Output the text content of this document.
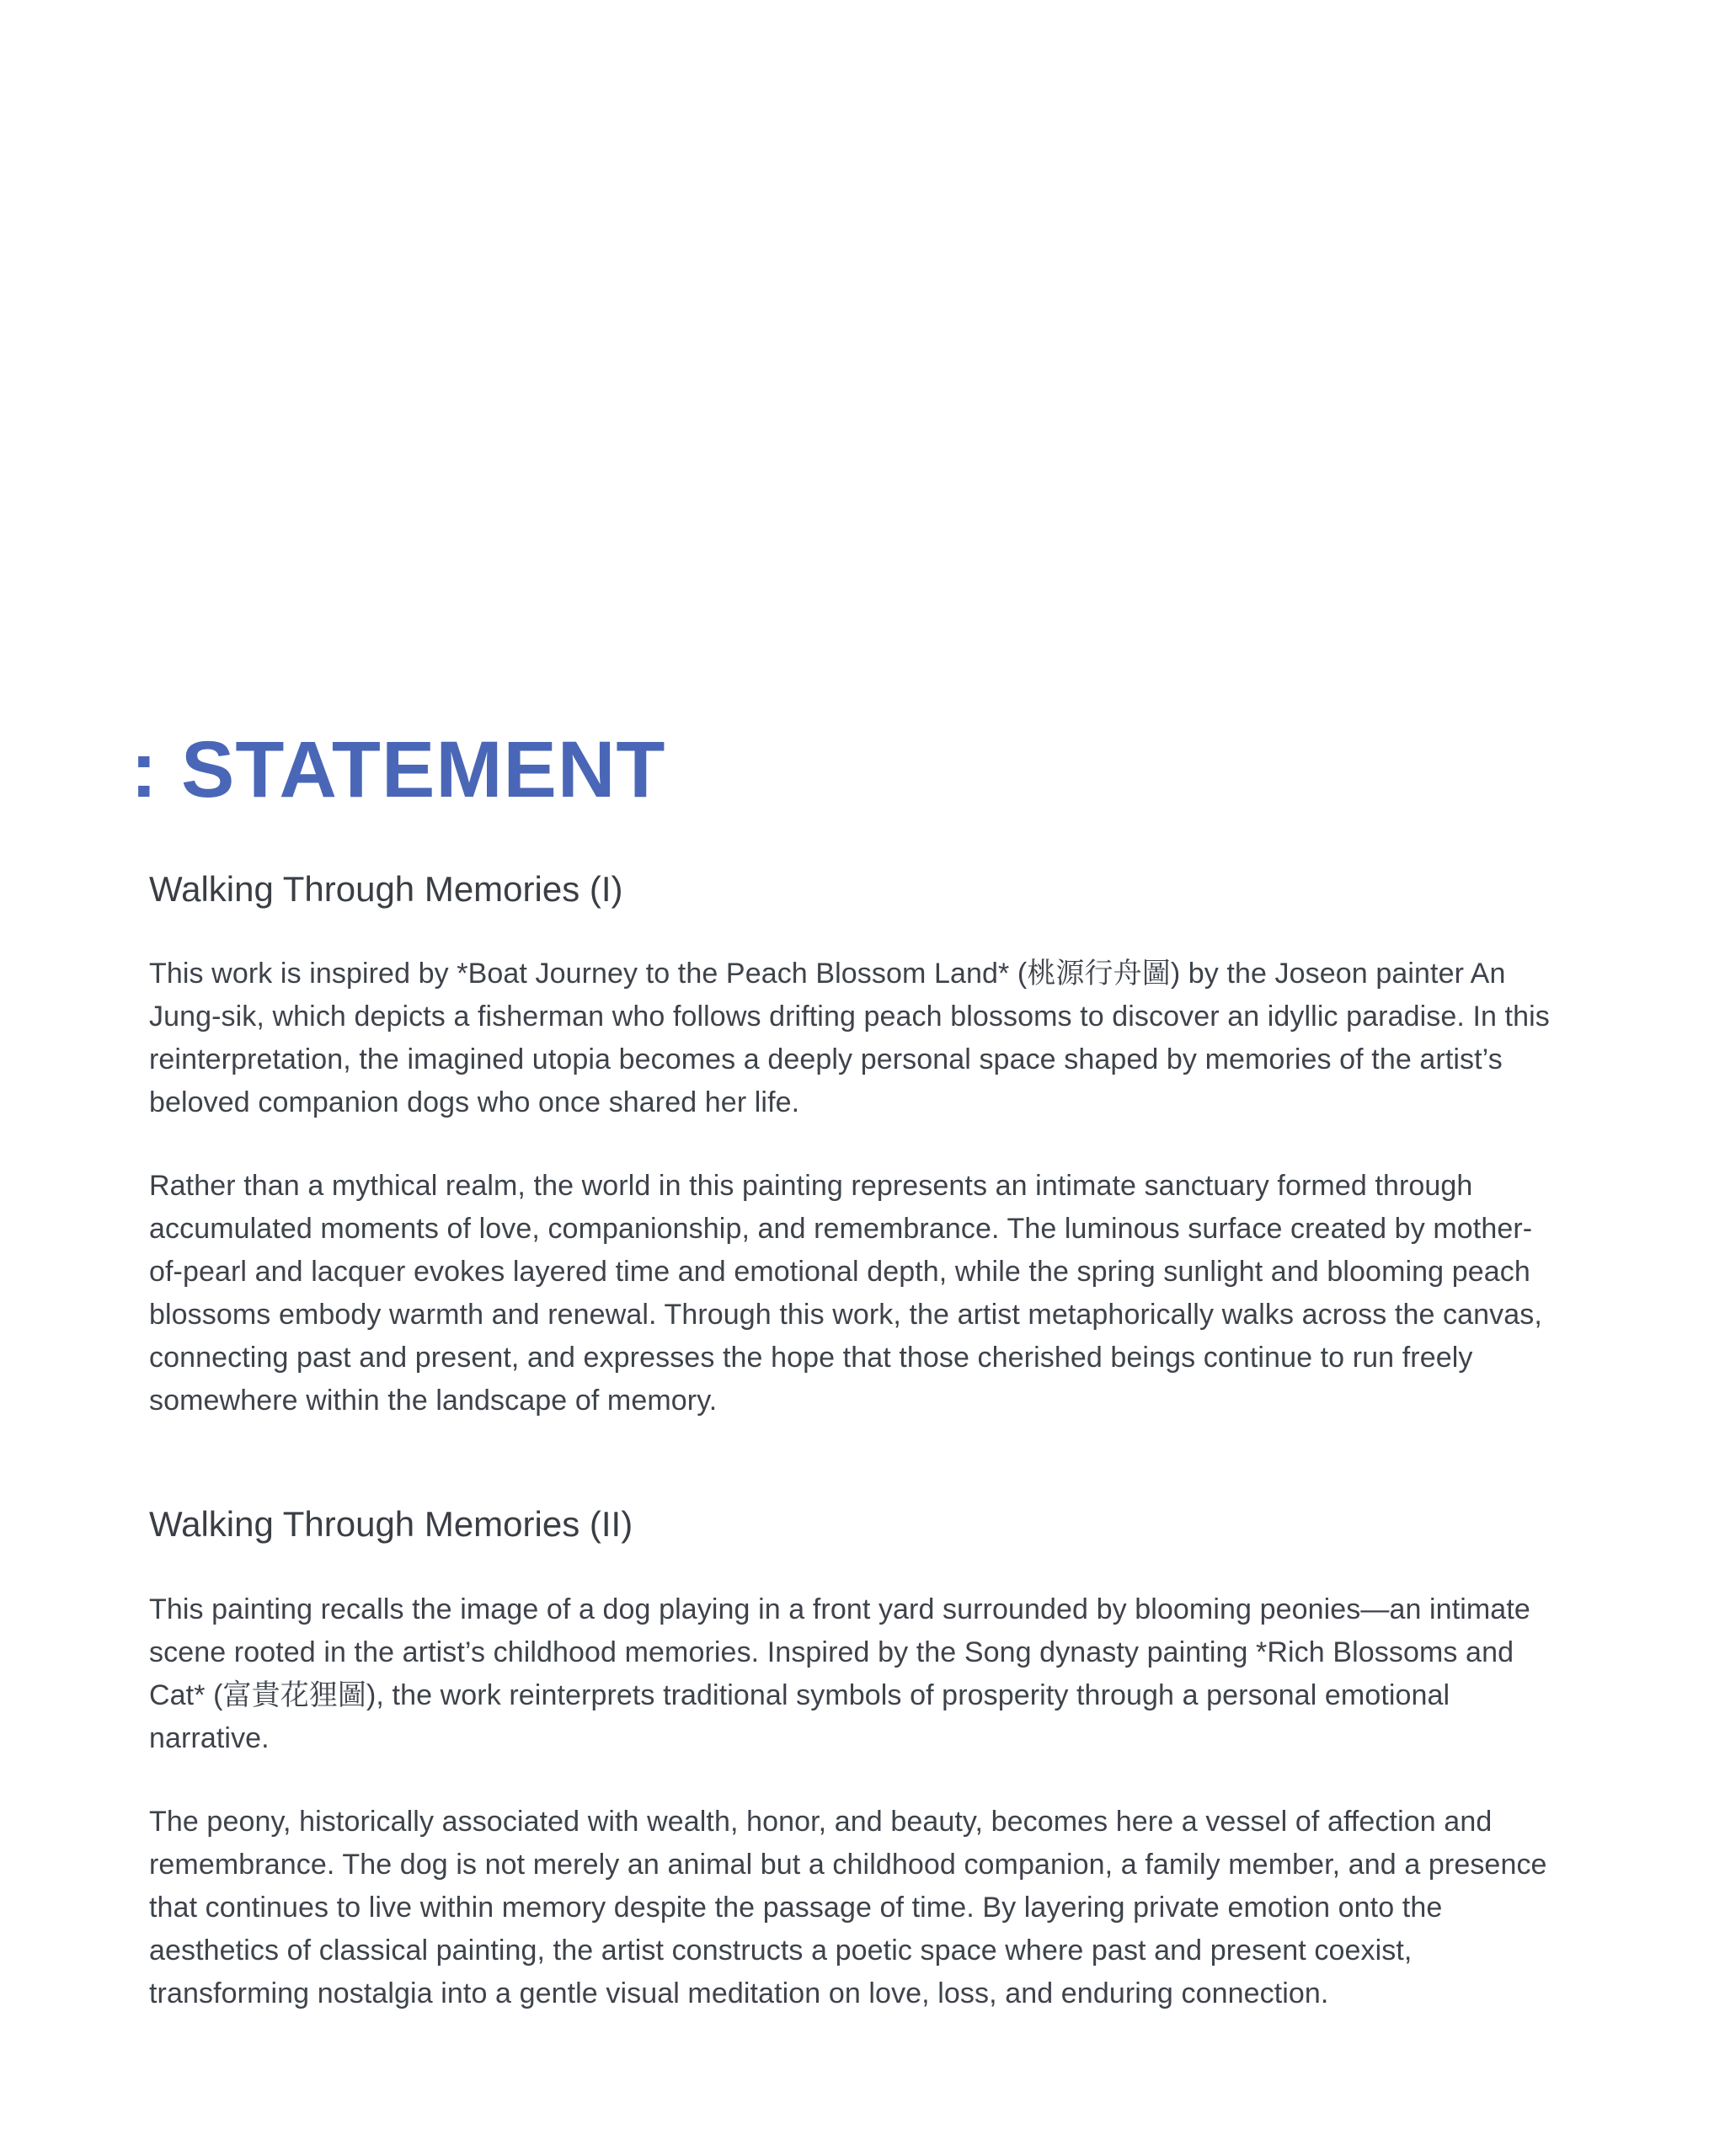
: STATEMENT
Walking Through Memories (I)

This work is inspired by *Boat Journey to the Peach Blossom Land* (桃源行舟圖) by the Joseon painter An Jung-sik, which depicts a fisherman who follows drifting peach blossoms to discover an idyllic paradise. In this reinterpretation, the imagined utopia becomes a deeply personal space shaped by memories of the artist’s beloved companion dogs who once shared her life.

Rather than a mythical realm, the world in this painting represents an intimate sanctuary formed through accumulated moments of love, companionship, and remembrance. The luminous surface created by mother-of-pearl and lacquer evokes layered time and emotional depth, while the spring sunlight and blooming peach blossoms embody warmth and renewal. Through this work, the artist metaphorically walks across the canvas, connecting past and present, and expresses the hope that those cherished beings continue to run freely somewhere within the landscape of memory.

Walking Through Memories (II)

This painting recalls the image of a dog playing in a front yard surrounded by blooming peonies—an intimate scene rooted in the artist’s childhood memories. Inspired by the Song dynasty painting *Rich Blossoms and Cat* (富貴花狸圖), the work reinterprets traditional symbols of prosperity through a personal emotional narrative.

The peony, historically associated with wealth, honor, and beauty, becomes here a vessel of affection and remembrance. The dog is not merely an animal but a childhood companion, a family member, and a presence that continues to live within memory despite the passage of time. By layering private emotion onto the aesthetics of classical painting, the artist constructs a poetic space where past and present coexist, transforming nostalgia into a gentle visual meditation on love, loss, and enduring connection.
